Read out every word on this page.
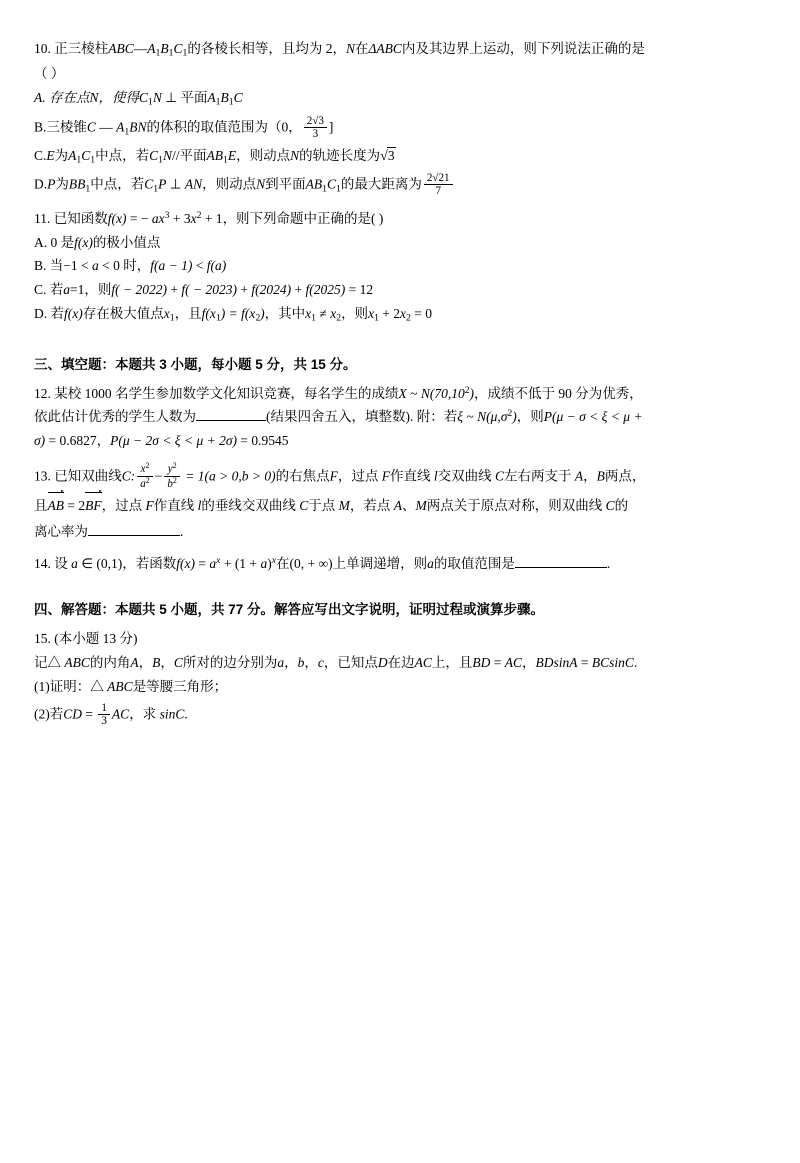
10. 正三棱柱$ABC—A_1B_1C_1$的各棱长相等，且均为 2，N在ΔABC内及其边界上运动，则下列说法正确的是
（ ）
A. 存在点N，使得$C_1N$ ⊥ 平面$A_1B_1C$
B.三棱锥C — $A_1BN$的体积的取值范围为（0， $\frac{2√3}{3}$ ]
C.E为$A_1C_1$中点，若$C_1N//$平面$AB_1E$，则动点N的轨迹长度为√3
D.P为$BB_1$中点，若$C_1P$ ⊥ AN，则动点N到平面$AB_1C_1$的最大距离为 $\frac{2√21}{7}$
11. 已知函数f(x) = − $ax^3 + 3x^2 + 1$，则下列命题中正确的是( )
A. 0 是f(x)的极小值点
B. 当−1 < a < 0 时，f(a − 1) < f(a)
C. 若a=1，则f( − 2022) + f( − 2023) + f(2024) + f(2025) = 12
D. 若f(x)存在极大值点$x_1$，且$f(x_1) = f(x_2)$，其中$x_1 \ne x_2$，则$x_1 + 2x_2 = 0$
三、填空题：本题共 3 小题，每小题 5 分，共 15 分。
12. 某校 1000 名学生参加数学文化知识竞赛，每名学生的成绩X ~ N(70,10$^2$)，成绩不低于 90 分为优秀，
依此估计优秀的学生人数为	(结果四舍五入，填整数). 附：若ξ ~ $N(\mu,\sigma^2)$，则P(μ − σ < ξ < μ +
σ) = 0.6827，P(μ − 2σ < ξ < μ + 2σ) = 0.9545
13. 已知双曲线C: $\frac{x^2}{a^2} - \frac{y^2}{b^2} = 1(a > 0,b > 0)$的右焦点F，过点 F作直线 l交双曲线 C左右两支于 A，B两点，
且AB = 2BF，过点 F作直线 l的垂线交双曲线 C于点 M，若点 A、M两点关于原点对称，则双曲线 C的
离心率为	.
14. 设 a ∈ (0,1)，若函数$f(x) = a^x + (1 + a)^x$在(0, + ∞)上单调递增，则a的取值范围是	.
四、解答题：本题共 5 小题，共 77 分。解答应写出文字说明，证明过程或演算步骤。
15. (本小题 13 分)
记△ ABC的内角A，B，C所对的边分别为a，b，c，已知点D在边AC上，且BD = AC，BDsinA = BCsinC.
(1)证明：△ ABC是等腰三角形；
(2)若CD = $\frac{1}{3}$ AC，求 sinC.
